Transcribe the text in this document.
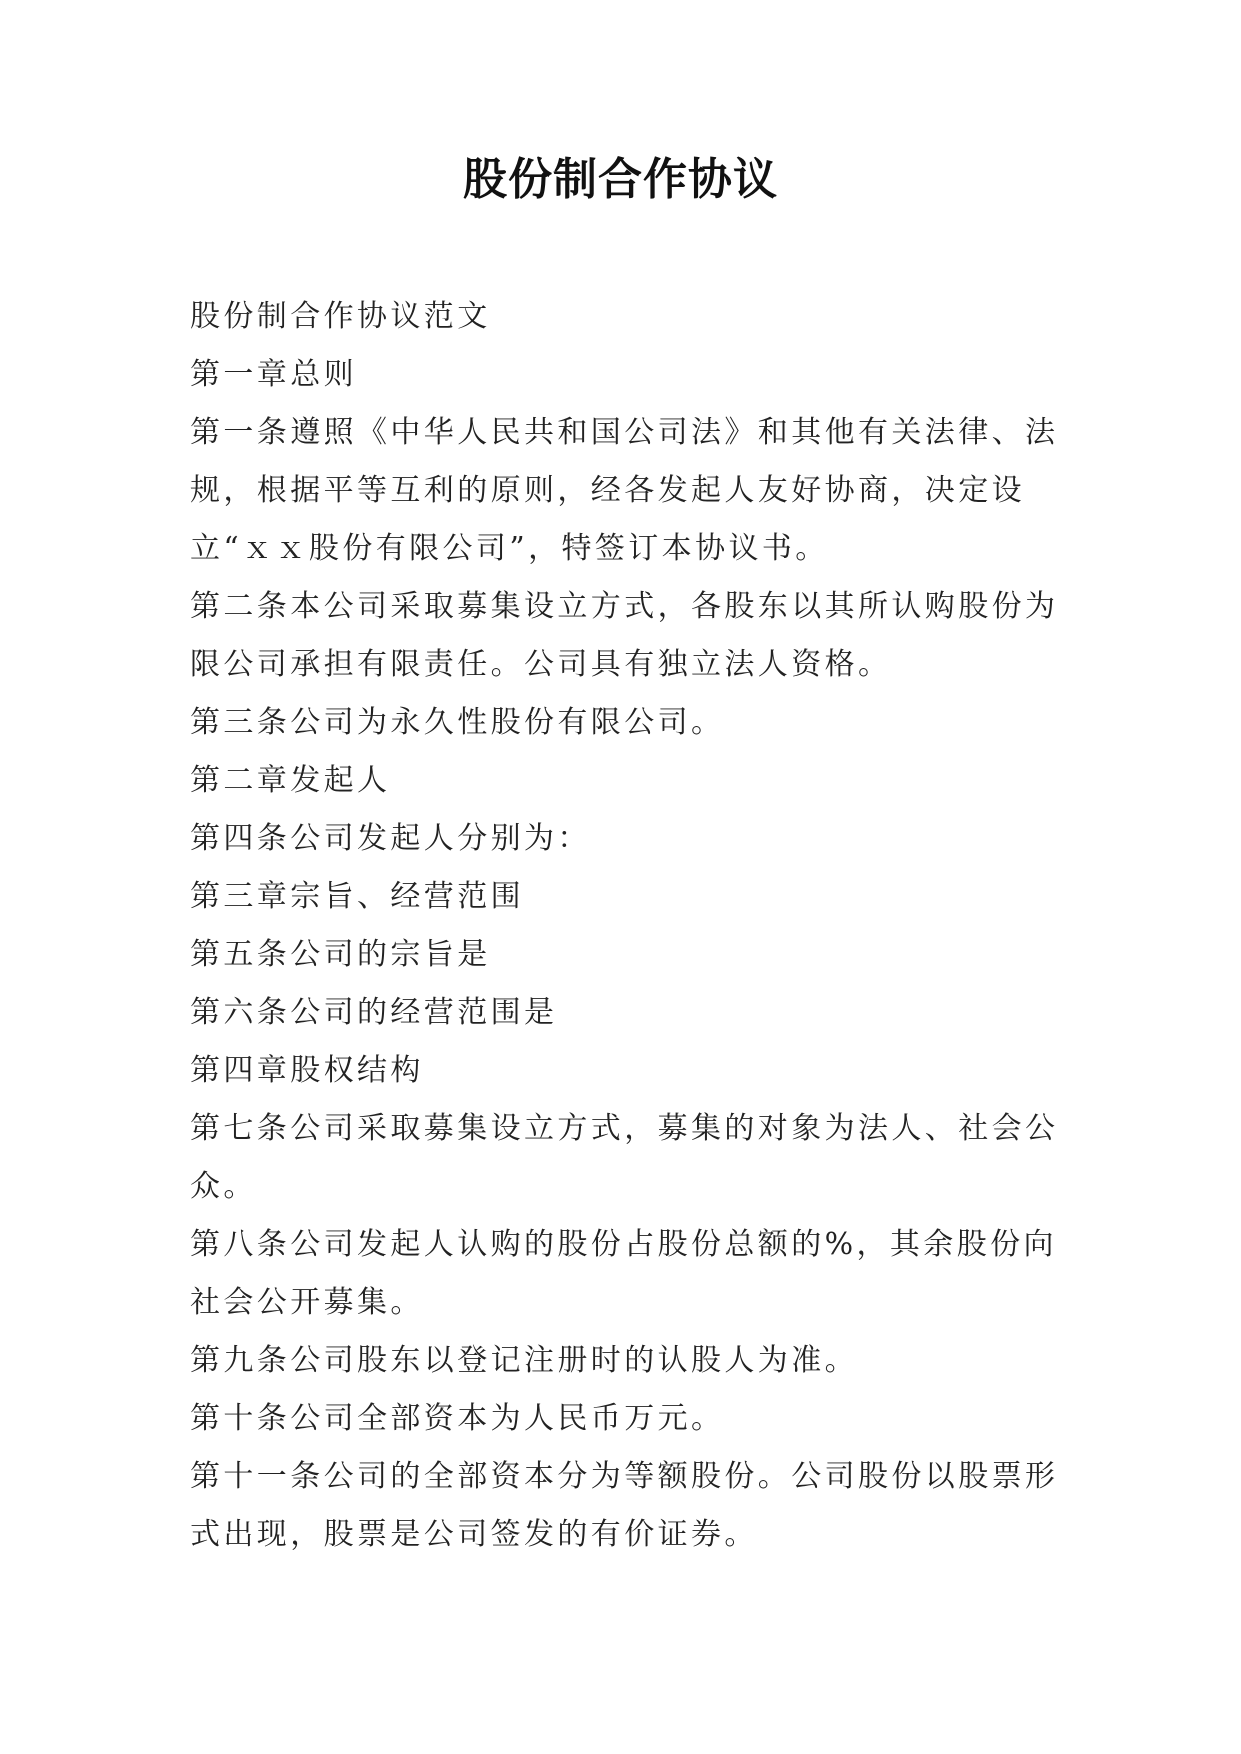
股份制合作协议

股份制合作协议范文

第一章总则

第一条遵照《中华人民共和国公司法》和其他有关法律、法规，根据平等互利的原则，经各发起人友好协商，决定设立“ｘｘ股份有限公司”，特签订本协议书。

第二条本公司采取募集设立方式，各股东以其所认购股份为限公司承担有限责任。公司具有独立法人资格。

第三条公司为永久性股份有限公司。

第二章发起人

第四条公司发起人分别为：

第三章宗旨、经营范围

第五条公司的宗旨是

第六条公司的经营范围是

第四章股权结构

第七条公司采取募集设立方式，募集的对象为法人、社会公众。

第八条公司发起人认购的股份占股份总额的%，其余股份向社会公开募集。

第九条公司股东以登记注册时的认股人为准。

第十条公司全部资本为人民币万元。

第十一条公司的全部资本分为等额股份。公司股份以股票形式出现，股票是公司签发的有价证券。
